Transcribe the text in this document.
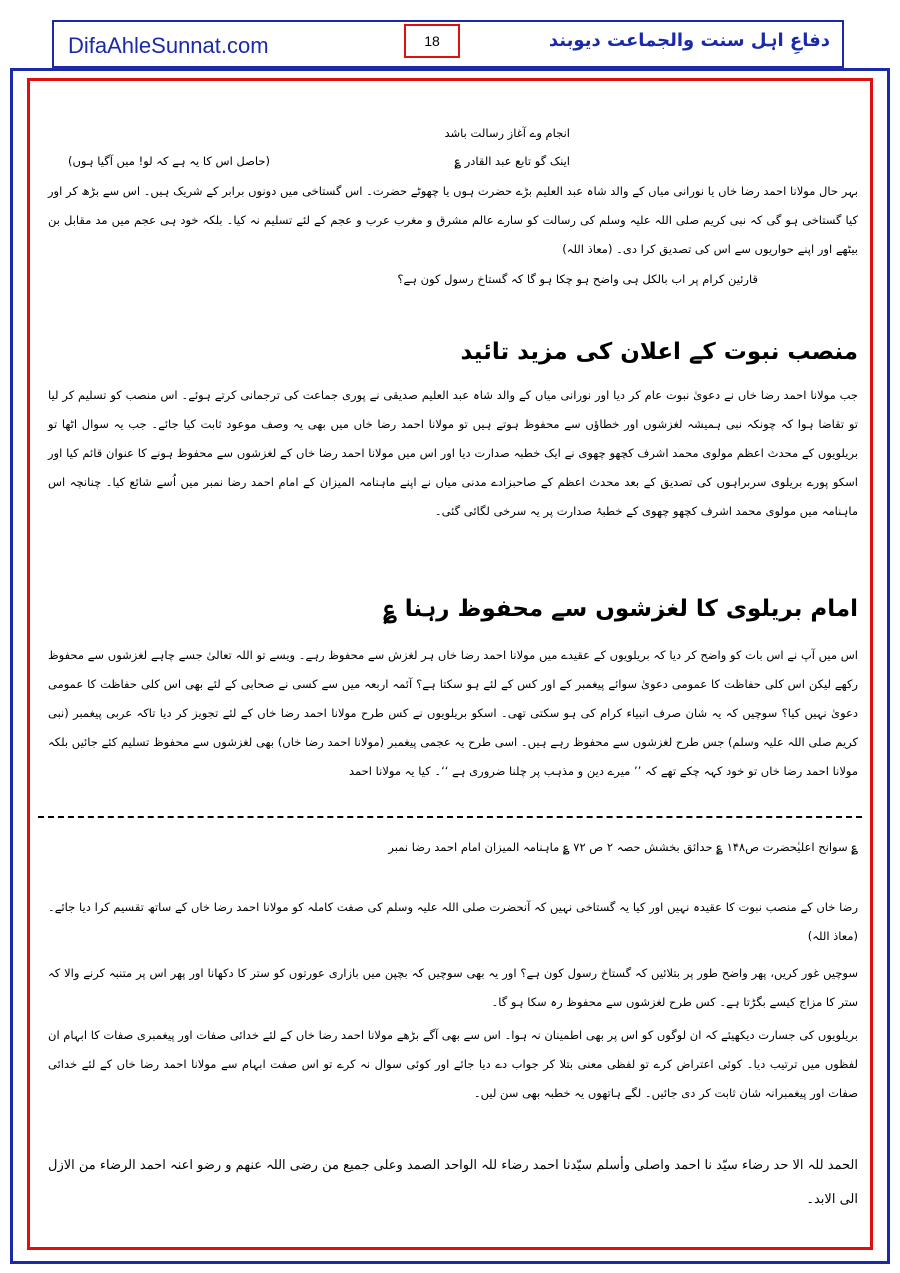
DifaAhleSunnat.com	18	دفاعِ اہل سنت والجماعت دیوبند
انجام وے آغاز رسالت باشد
اینک گو تابع عبد القادر ؏
(حاصل اس کا یہ ہے کہ لو! میں آگیا ہوں)
بہر حال مولانا احمد رضا خاں یا نورانی میاں کے والد شاہ عبد العلیم بڑے حضرت ہوں یا چھوٹے حضرت۔ اس گستاخی میں دونوں برابر کے شریک ہیں۔ اس سے بڑھ کر اور کیا گستاخی ہو گی کہ نبی کریم صلی اللہ علیہ وسلم کی رسالت کو سارے عالم مشرق و مغرب عرب و عجم کے لئے تسلیم نہ کیا۔ بلکہ خود ہی عجم میں مد مقابل بن بیٹھے اور اپنے حواریوں سے اس کی تصدیق کرا دی۔ (معاذ اللہ)
قارئین کرام پر اب بالکل ہی واضح ہو چکا ہو گا کہ گستاخ رسول کون ہے؟
منصب نبوت کے اعلان کی مزید تائید
جب مولانا احمد رضا خاں نے دعویٰ نبوت عام کر دیا اور نورانی میاں کے والد شاہ عبد العلیم صدیقی نے پوری جماعت کی ترجمانی کرتے ہوئے۔ اس منصب کو تسلیم کر لیا تو تقاضا ہوا کہ چونکہ نبی ہمیشہ لغزشوں اور خطاؤں سے محفوظ ہوتے ہیں تو مولانا احمد رضا خاں میں بھی یہ وصف موعود ثابت کیا جائے۔ جب یہ سوال اٹھا تو بریلویوں کے محدث اعظم مولوی محمد اشرف کچھو چھوی نے ایک خطبہ صدارت دیا اور اس میں مولانا احمد رضا خاں کے لغزشوں سے محفوظ ہونے کا عنوان قائم کیا اور اسکو پورے بریلوی سربراہوں کی تصدیق کے بعد محدث اعظم کے صاحبزادے مدنی میاں نے اپنے ماہنامہ المیزان کے امام احمد رضا نمبر میں اُسے شائع کیا۔ چنانچہ اس ماہنامہ میں مولوی محمد اشرف کچھو چھوی کے خطبۂ صدارت پر یہ سرخی لگائی گئی۔
امام بریلوی کا لغزشوں سے محفوظ رہنا ؏
اس میں آپ نے اس بات کو واضح کر دیا کہ بریلویوں کے عقیدے میں مولانا احمد رضا خاں ہر لغزش سے محفوظ رہے۔ ویسے تو اللہ تعالیٰ جسے چاہے لغزشوں سے محفوظ رکھے لیکن اس کلی حفاظت کا عمومی دعویٰ سوائے پیغمبر کے اور کس کے لئے ہو سکتا ہے؟ آئمہ اربعہ میں سے کسی نے صحابی کے لئے بھی اس کلی حفاظت کا عمومی دعویٰ نہیں کیا؟ سوچیں کہ یہ شان صرف انبیاء کرام کی ہو سکتی تھی۔ اسکو بریلویوں نے کس طرح مولانا احمد رضا خاں کے لئے تجویز کر دیا تاکہ عربی پیغمبر (نبی کریم صلی اللہ علیہ وسلم) جس طرح لغزشوں سے محفوظ رہے ہیں۔ اسی طرح یہ عجمی پیغمبر (مولانا احمد رضا خاں) بھی لغزشوں سے محفوظ تسلیم کئے جائیں بلکہ مولانا احمد رضا خاں تو خود کہہ چکے تھے کہ ’’ میرے دین و مذہب پر چلنا ضروری ہے ‘‘۔ کیا یہ مولانا احمد
؏ سوانح اعلیٰحضرت ص۱۴۸ ؏ حدائق بخشش حصہ ۲ ص ۷۲ ؏ ماہنامہ المیزان امام احمد رضا نمبر
رضا خاں کے منصب نبوت کا عقیدہ نہیں اور کیا یہ گستاخی نہیں کہ آنحضرت صلی اللہ علیہ وسلم کی صفت کاملہ کو مولانا احمد رضا خاں کے ساتھ تقسیم کرا دیا جائے۔ (معاذ اللہ)
سوچیں غور کریں، پھر واضح طور پر بتلائیں کہ گستاخ رسول کون ہے؟ اور یہ بھی سوچیں کہ بچپن میں بازاری عورتوں کو ستر کا دکھانا اور پھر اس پر متنبہ کرنے والا کہ ستر کا مزاج کیسے بگڑتا ہے۔ کس طرح لغزشوں سے محفوظ رہ سکا ہو گا۔
بریلویوں کی جسارت دیکھیئے کہ ان لوگوں کو اس پر بھی اطمینان نہ ہوا۔ اس سے بھی آگے بڑھے مولانا احمد رضا خاں کے لئے خدائی صفات اور پیغمبری صفات کا ابہام ان لفظوں میں ترتیب دیا۔ کوئی اعتراض کرے تو لفظی معنی بتلا کر جواب دے دیا جائے اور کوئی سوال نہ کرے تو اس صفت ابہام سے مولانا احمد رضا خاں کے لئے خدائی صفات اور پیغمبرانہ شان ثابت کر دی جائیں۔ لگے ہاتھوں یہ خطبہ بھی سن لیں۔
الحمد للہ الا حد رضاء سیّد نا احمد واصلی وأسلم سیّدنا احمد رضاء للہ الواحد الصمد وعلی جمیع من رضی اللہ عنھم و رضو اعنہ احمد الرضاء من الازل الی الابد۔
